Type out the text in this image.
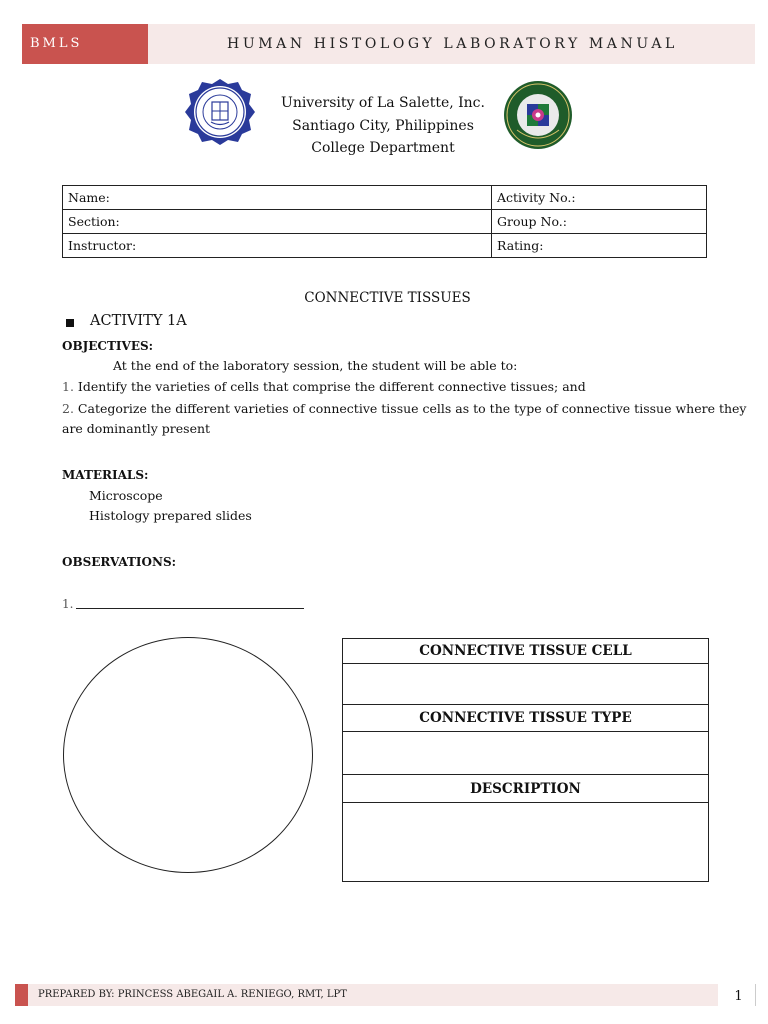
BMLS	HUMAN HISTOLOGY LABORATORY MANUAL
University of La Salette, Inc.
Santiago City, Philippines
College Department
Name:	Activity No.:
Section:	Group No.:
Instructor:	Rating:
CONNECTIVE TISSUES
ACTIVITY 1A
OBJECTIVES:
At the end of the laboratory session, the student will be able to:
1. Identify the varieties of cells that comprise the different connective tissues; and
2. Categorize the different varieties of connective tissue cells as to the type of connective tissue where they
are dominantly present
MATERIALS:
Microscope
Histology prepared slides
OBSERVATIONS:
1.
CONNECTIVE TISSUE CELL

CONNECTIVE TISSUE TYPE

DESCRIPTION

PREPARED BY: PRINCESS ABEGAIL A. RENIEGO, RMT, LPT	1
